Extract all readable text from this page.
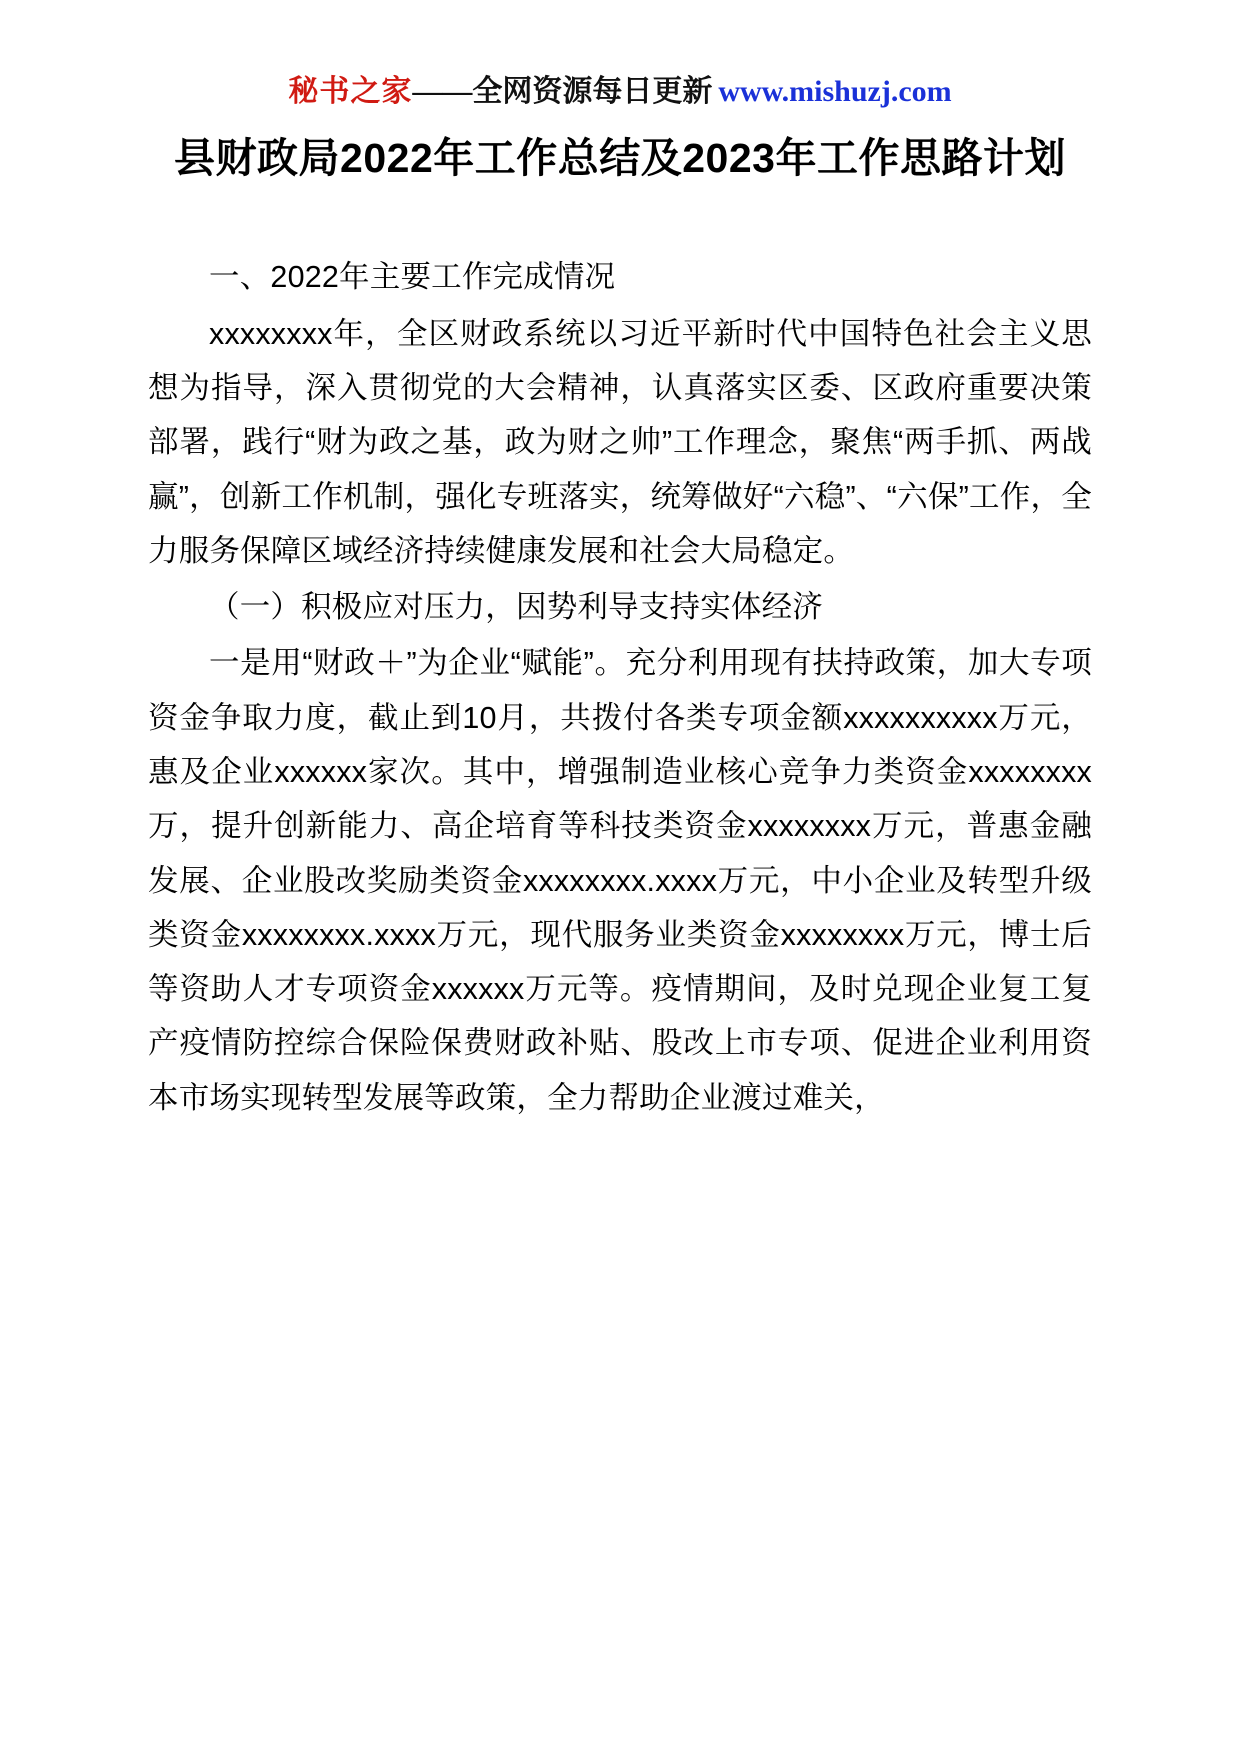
秘书之家——全网资源每日更新 www.mishuzj.com
县财政局2022年工作总结及2023年工作思路计划

一、2022年主要工作完成情况

xxxxxxxx年，全区财政系统以习近平新时代中国特色社会主义思想为指导，深入贯彻党的大会精神，认真落实区委、区政府重要决策部署，践行“财为政之基，政为财之帅”工作理念，聚焦“两手抓、两战赢”，创新工作机制，强化专班落实，统筹做好“六稳”、“六保”工作，全力服务保障区域经济持续健康发展和社会大局稳定。

（一）积极应对压力，因势利导支持实体经济

一是用“财政＋”为企业“赋能”。充分利用现有扶持政策，加大专项资金争取力度，截止到10月，共拨付各类专项金额xxxxxxxxxx万元，惠及企业xxxxxx家次。其中，增强制造业核心竞争力类资金xxxxxxxx万，提升创新能力、高企培育等科技类资金xxxxxxxx万元，普惠金融发展、企业股改奖励类资金xxxxxxxx.xxxx万元，中小企业及转型升级类资金xxxxxxxx.xxxx万元，现代服务业类资金xxxxxxxx万元，博士后等资助人才专项资金xxxxxx万元等。疫情期间，及时兑现企业复工复产疫情防控综合保险保费财政补贴、股改上市专项、促进企业利用资本市场实现转型发展等政策，全力帮助企业渡过难关，
